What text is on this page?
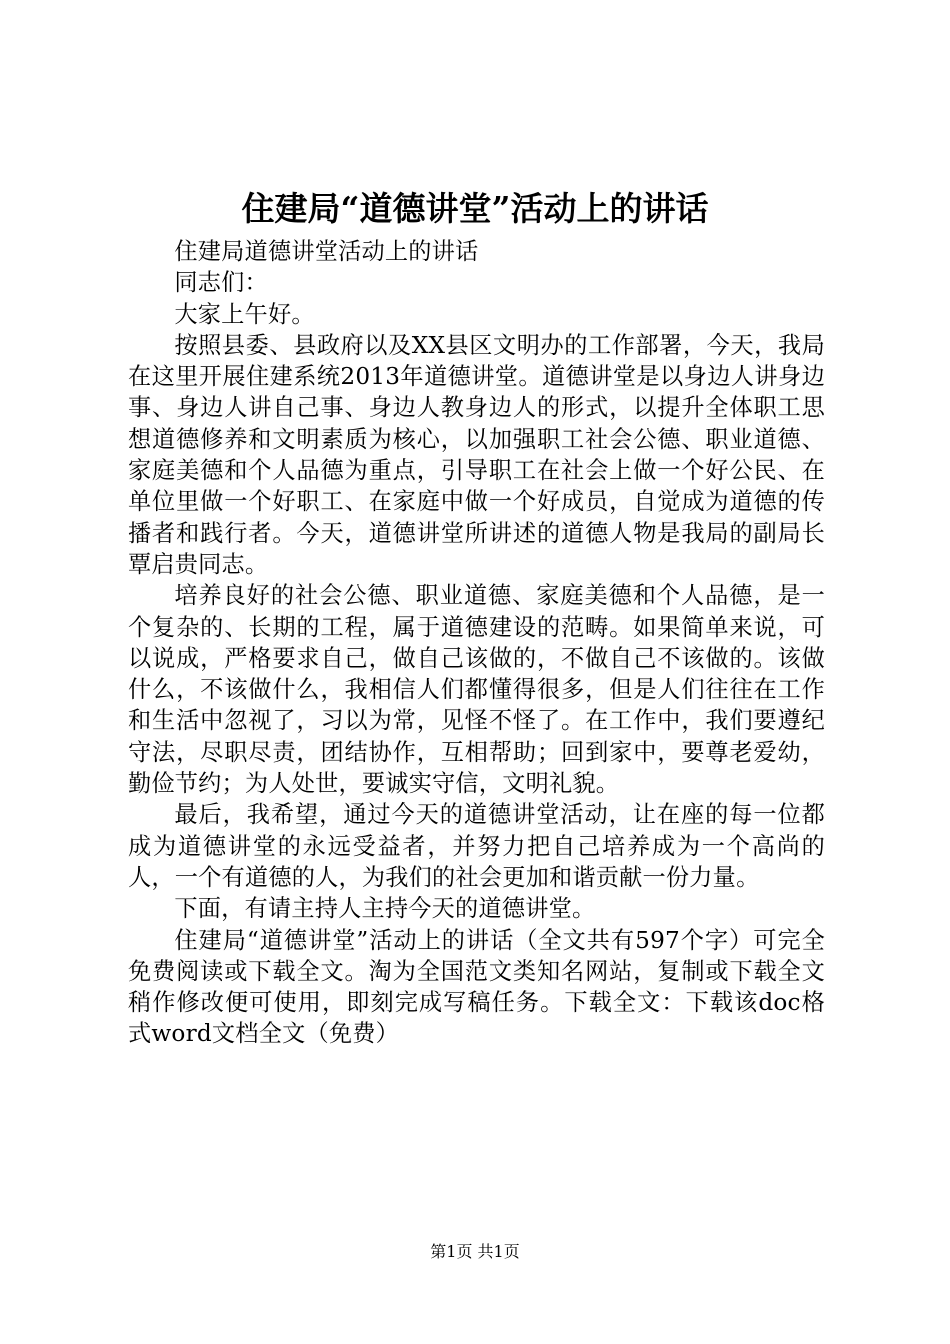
住建局“道德讲堂”活动上的讲话

住建局道德讲堂活动上的讲话

同志们：

大家上午好。

按照县委、县政府以及XX县区文明办的工作部署，今天，我局在这里开展住建系统2013年道德讲堂。道德讲堂是以身边人讲身边事、身边人讲自己事、身边人教身边人的形式，以提升全体职工思想道德修养和文明素质为核心，以加强职工社会公德、职业道德、家庭美德和个人品德为重点，引导职工在社会上做一个好公民、在单位里做一个好职工、在家庭中做一个好成员，自觉成为道德的传播者和践行者。今天，道德讲堂所讲述的道德人物是我局的副局长覃启贵同志。

培养良好的社会公德、职业道德、家庭美德和个人品德，是一个复杂的、长期的工程，属于道德建设的范畴。如果简单来说，可以说成，严格要求自己，做自己该做的，不做自己不该做的。该做什么，不该做什么，我相信人们都懂得很多，但是人们往往在工作和生活中忽视了，习以为常，见怪不怪了。在工作中，我们要遵纪守法，尽职尽责，团结协作，互相帮助；回到家中，要尊老爱幼，勤俭节约；为人处世，要诚实守信，文明礼貌。

最后，我希望，通过今天的道德讲堂活动，让在座的每一位都成为道德讲堂的永远受益者，并努力把自己培养成为一个高尚的人，一个有道德的人，为我们的社会更加和谐贡献一份力量。

下面，有请主持人主持今天的道德讲堂。

住建局“道德讲堂”活动上的讲话（全文共有597个字）可完全免费阅读或下载全文。淘为全国范文类知名网站，复制或下载全文稍作修改便可使用，即刻完成写稿任务。下载全文：下载该doc格式word文档全文（免费）

第1页 共1页
